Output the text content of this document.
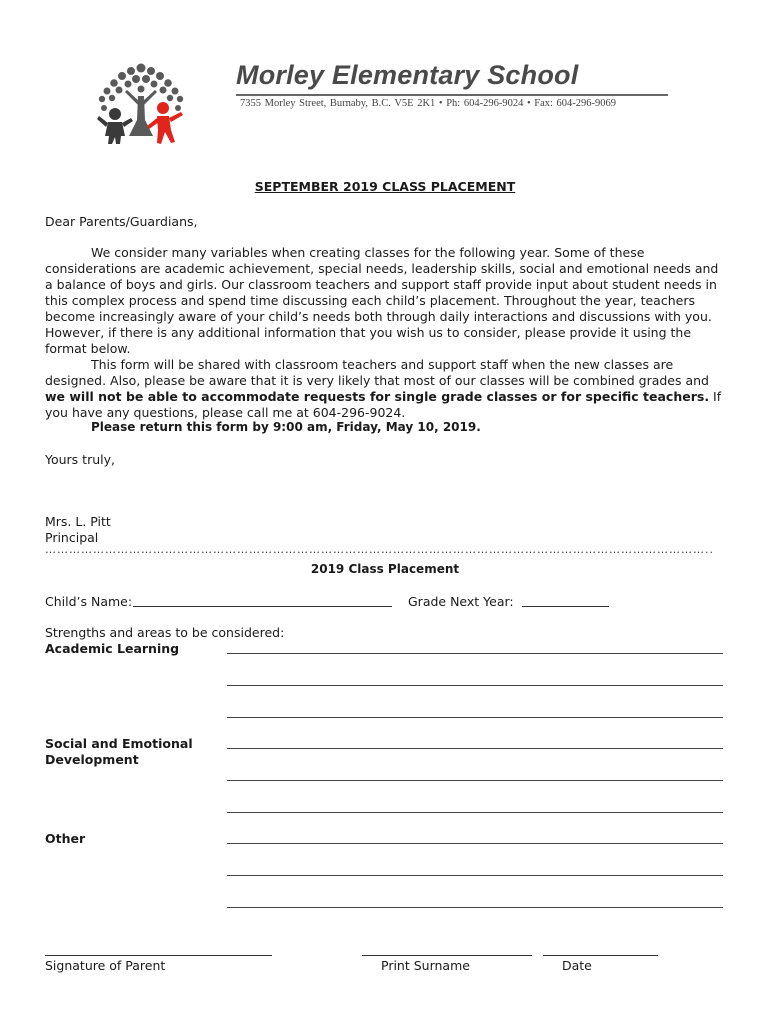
Morley Elementary School
7355 Morley Street, Burnaby, B.C. V5E 2K1 • Ph: 604-296-9024 • Fax: 604-296-9069
SEPTEMBER 2019 CLASS PLACEMENT
Dear Parents/Guardians,

We consider many variables when creating classes for the following year. Some of these considerations are academic achievement, special needs, leadership skills, social and emotional needs and a balance of boys and girls. Our classroom teachers and support staff provide input about student needs in this complex process and spend time discussing each child’s placement. Throughout the year, teachers become increasingly aware of your child’s needs both through daily interactions and discussions with you. However, if there is any additional information that you wish us to consider, please provide it using the format below.

This form will be shared with classroom teachers and support staff when the new classes are designed. Also, please be aware that it is very likely that most of our classes will be combined grades and we will not be able to accommodate requests for single grade classes or for specific teachers. If you have any questions, please call me at 604-296-9024.

Please return this form by 9:00 am, Friday, May 10, 2019.
Yours truly,
Mrs. L. Pitt
Principal
…………………………………………………………………………………………………………………………………………………..
2019 Class Placement
Child’s Name:	Grade Next Year:
Strengths and areas to be considered:
Academic Learning
Social and Emotional
Development
Other
Signature of Parent	Print Surname	Date
